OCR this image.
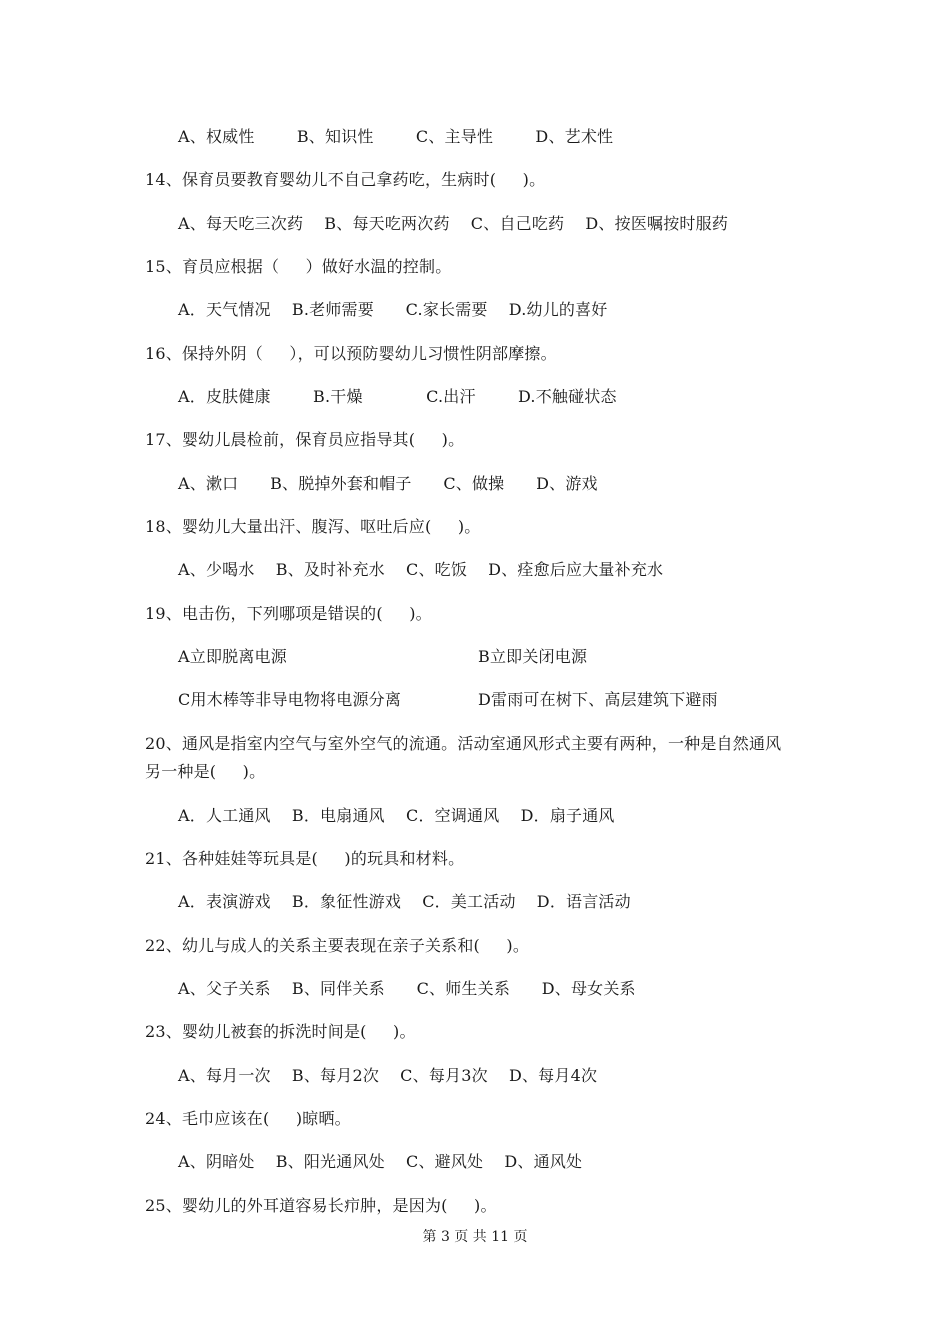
A、权威性        B、知识性        C、主导性        D、艺术性
14、保育员要教育婴幼儿不自己拿药吃，生病时(     )。
A、每天吃三次药    B、每天吃两次药    C、自己吃药    D、按医嘱按时服药
15、育员应根据（     ）做好水温的控制。
A．天气情况    B.老师需要      C.家长需要    D.幼儿的喜好
16、保持外阴（     ），可以预防婴幼儿习惯性阴部摩擦。
A．皮肤健康        B.干燥            C.出汗        D.不触碰状态
17、婴幼儿晨检前，保育员应指导其(     )。
A、漱口      B、脱掉外套和帽子      C、做操      D、游戏
18、婴幼儿大量出汗、腹泻、呕吐后应(     )。
A、少喝水    B、及时补充水    C、吃饭    D、痊愈后应大量补充水
19、电击伤，下列哪项是错误的(     )。
A立即脱离电源	B立即关闭电源
C用木棒等非导电物将电源分离	D雷雨可在树下、高层建筑下避雨
20、通风是指室内空气与室外空气的流通。活动室通风形式主要有两种，一种是自然通风
另一种是(     )。
A．人工通风    B．电扇通风    C．空调通风    D．扇子通风
21、各种娃娃等玩具是(     )的玩具和材料。
A．表演游戏    B．象征性游戏    C．美工活动    D．语言活动
22、幼儿与成人的关系主要表现在亲子关系和(     )。
A、父子关系    B、同伴关系      C、师生关系      D、母女关系
23、婴幼儿被套的拆洗时间是(     )。
A、每月一次    B、每月2次    C、每月3次    D、每月4次
24、毛巾应该在(     )晾晒。
A、阴暗处    B、阳光通风处    C、避风处    D、通风处
25、婴幼儿的外耳道容易长疖肿，是因为(     )。
第 3 页 共 11 页
